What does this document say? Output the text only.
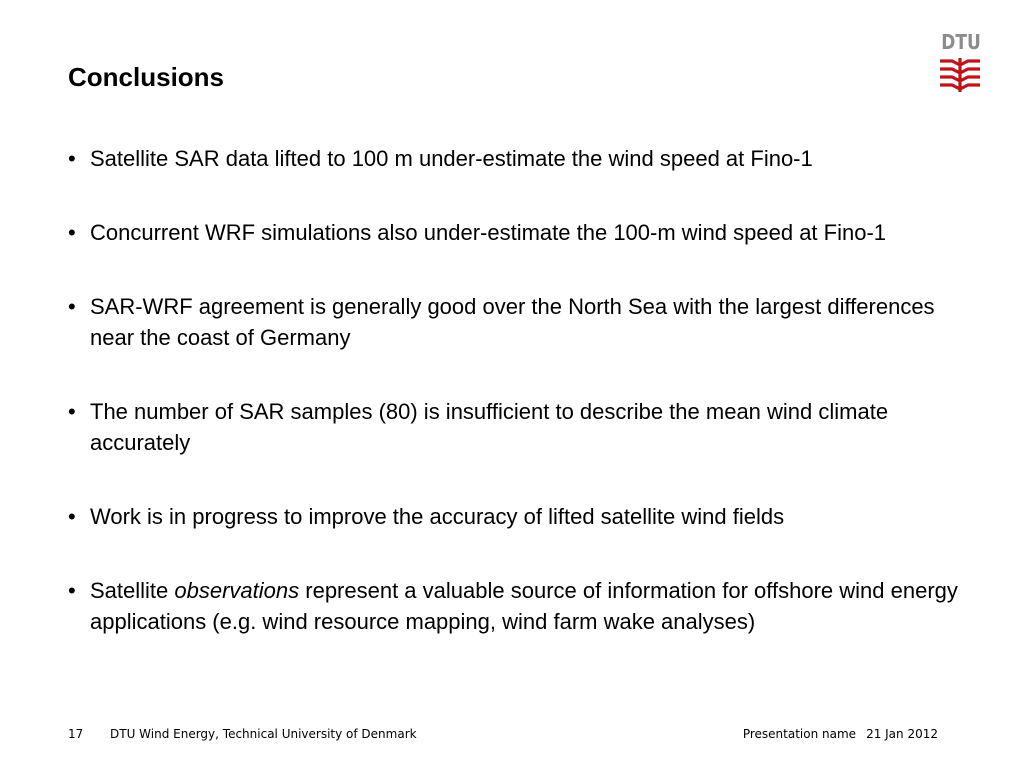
Conclusions
DTU
• Satellite SAR data lifted to 100 m under-estimate the wind speed at Fino-1
• Concurrent WRF simulations also under-estimate the 100-m wind speed at Fino-1
• SAR-WRF agreement is generally good over the North Sea with the largest differences near the coast of Germany
• The number of SAR samples (80) is insufficient to describe the mean wind climate accurately
• Work is in progress to improve the accuracy of lifted satellite wind fields
• Satellite observations represent a valuable source of information for offshore wind energy applications (e.g. wind resource mapping, wind farm wake analyses)
17 DTU Wind Energy, Technical University of Denmark	Presentation name 21 Jan 2012
